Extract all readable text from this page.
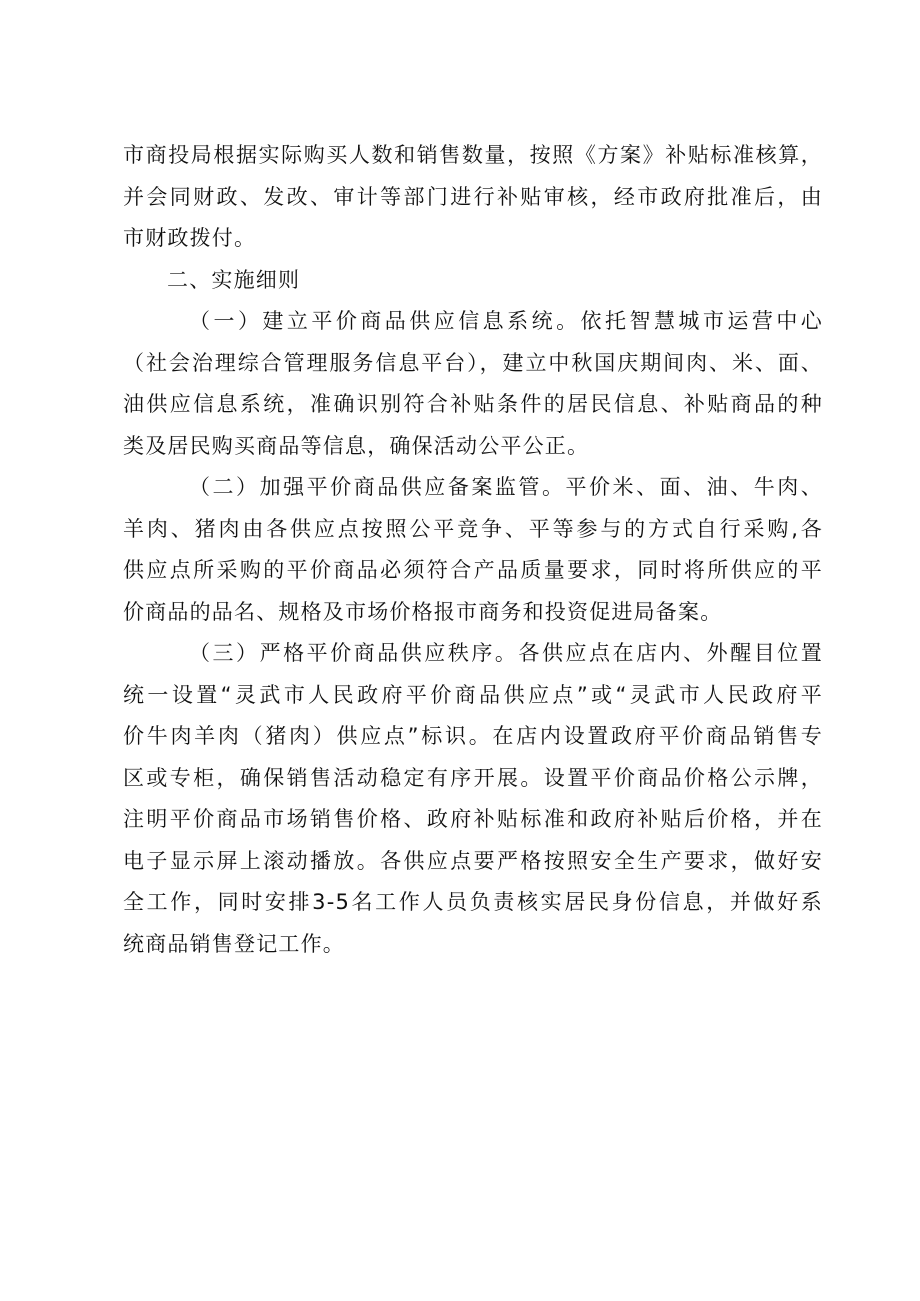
市商投局根据实际购买人数和销售数量，按照《方案》补贴标准核算，
并会同财政、发改、审计等部门进行补贴审核，经市政府批准后，由
市财政拨付。
二、实施细则
（一）建立平价商品供应信息系统。依托智慧城市运营中心
（社会治理综合管理服务信息平台），建立中秋国庆期间肉、米、面、
油供应信息系统，准确识别符合补贴条件的居民信息、补贴商品的种
类及居民购买商品等信息，确保活动公平公正。
（二）加强平价商品供应备案监管。平价米、面、油、牛肉、
羊肉、猪肉由各供应点按照公平竞争、平等参与的方式自行采购,各
供应点所采购的平价商品必须符合产品质量要求，同时将所供应的平
价商品的品名、规格及市场价格报市商务和投资促进局备案。
（三）严格平价商品供应秩序。各供应点在店内、外醒目位置
统一设置“灵武市人民政府平价商品供应点”或“灵武市人民政府平
价牛肉羊肉（猪肉）供应点”标识。在店内设置政府平价商品销售专
区或专柜，确保销售活动稳定有序开展。设置平价商品价格公示牌，
注明平价商品市场销售价格、政府补贴标准和政府补贴后价格，并在
电子显示屏上滚动播放。各供应点要严格按照安全生产要求，做好安
全工作，同时安排3-5名工作人员负责核实居民身份信息，并做好系
统商品销售登记工作。
